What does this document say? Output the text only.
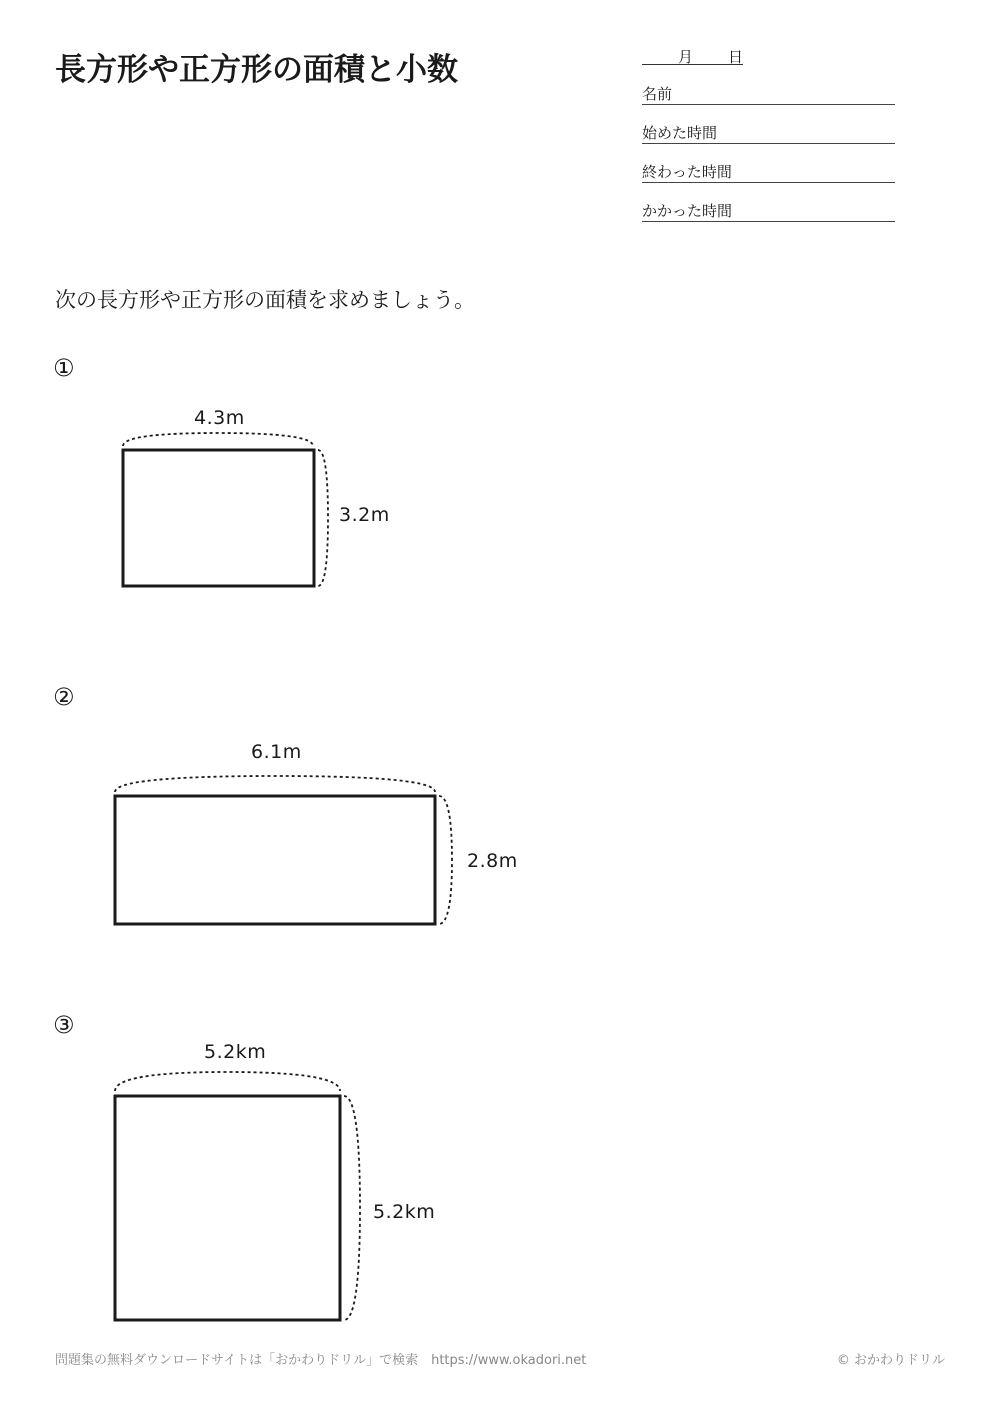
長方形や正方形の面積と小数	月 日
名前
始めた時間
終わった時間
かかった時間
次の長方形や正方形の面積を求めましょう。
①
4.3m
3.2m
②
6.1m
2.8m
③
5.2km
5.2km
問題集の無料ダウンロードサイトは「おかわりドリル」で検索　https://www.okadori.net	© おかわりドリル
